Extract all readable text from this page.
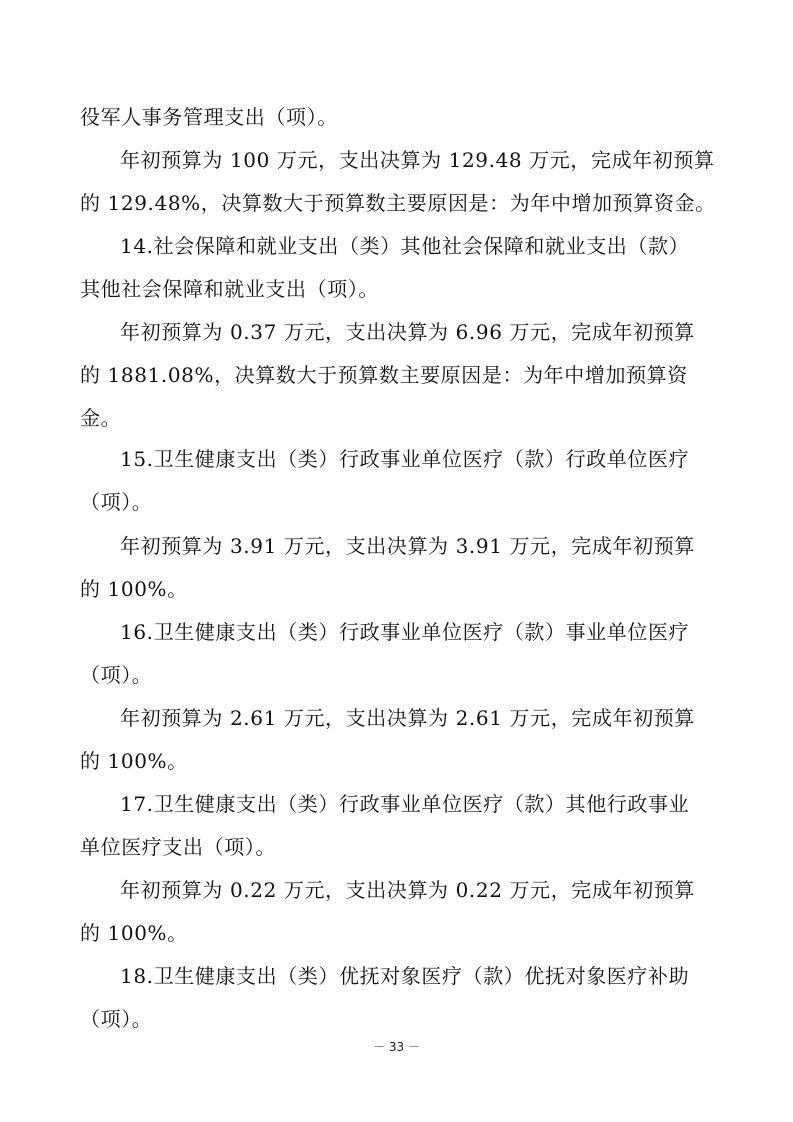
役军人事务管理支出（项）。

年初预算为 100 万元，支出决算为 129.48 万元，完成年初预算
的 129.48%，决算数大于预算数主要原因是：为年中增加预算资金。

14.社会保障和就业支出（类）其他社会保障和就业支出（款）
其他社会保障和就业支出（项）。

年初预算为 0.37 万元，支出决算为 6.96 万元，完成年初预算
的 1881.08%，决算数大于预算数主要原因是：为年中增加预算资
金。

15.卫生健康支出（类）行政事业单位医疗（款）行政单位医疗
（项）。

年初预算为 3.91 万元，支出决算为 3.91 万元，完成年初预算
的 100%。

16.卫生健康支出（类）行政事业单位医疗（款）事业单位医疗
（项）。

年初预算为 2.61 万元，支出决算为 2.61 万元，完成年初预算
的 100%。

17.卫生健康支出（类）行政事业单位医疗（款）其他行政事业
单位医疗支出（项）。

年初预算为 0.22 万元，支出决算为 0.22 万元，完成年初预算
的 100%。

18.卫生健康支出（类）优抚对象医疗（款）优抚对象医疗补助
（项）。

－ 33 －
